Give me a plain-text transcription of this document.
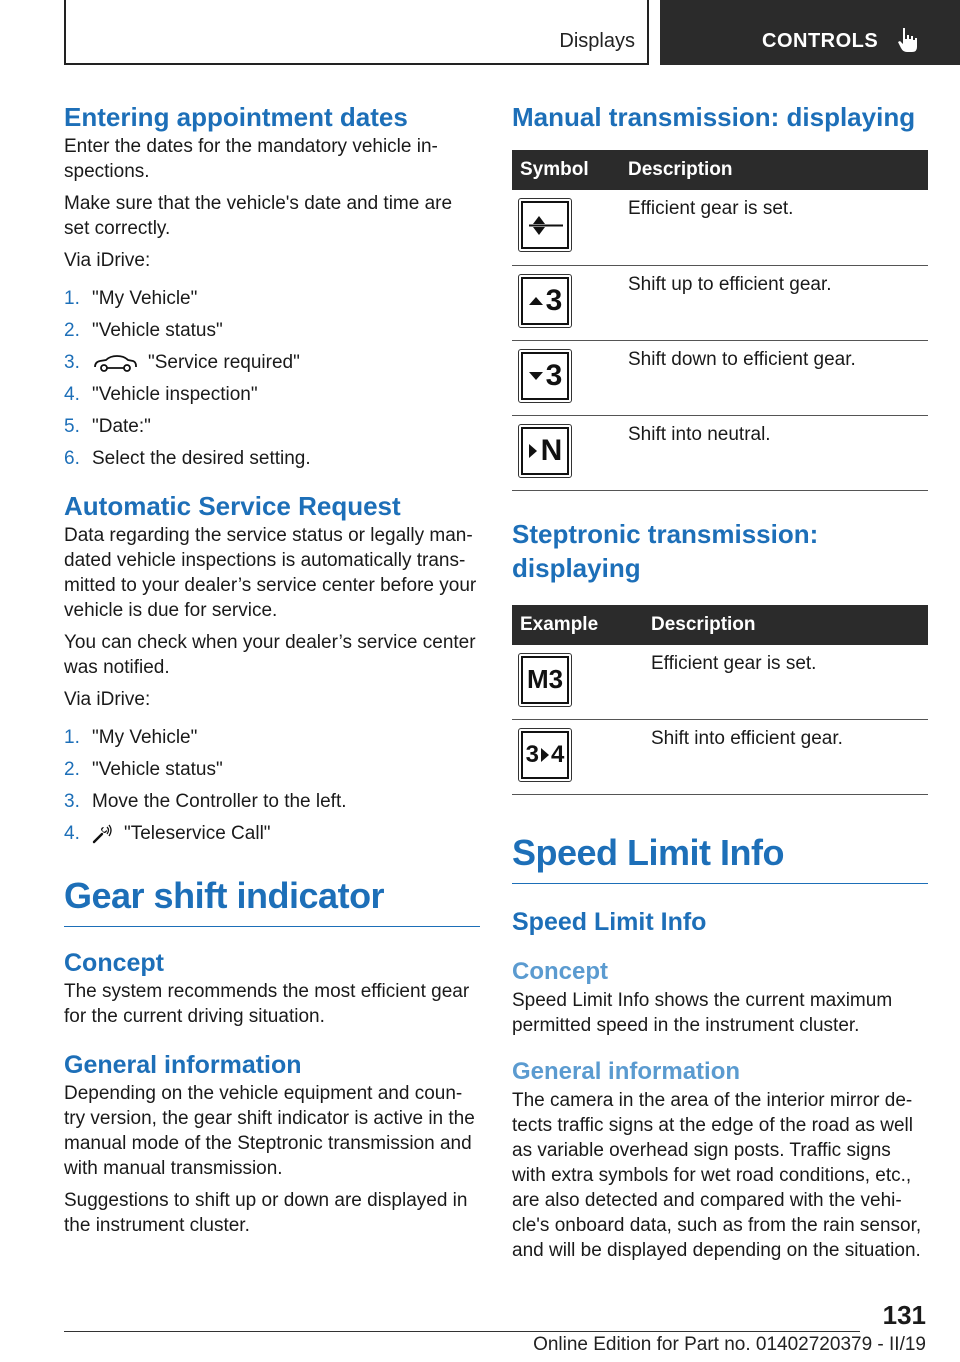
Displays	CONTROLS
Entering appointment dates

Enter the dates for the mandatory vehicle in-spections.

Make sure that the vehicle's date and time are set correctly.

Via iDrive:

1. "My Vehicle"
2. "Vehicle status"
3.	"Service required"
4. "Vehicle inspection"
5. "Date:"
6. Select the desired setting.
Automatic Service Request

Data regarding the service status or legally man-dated vehicle inspections is automatically trans-mitted to your dealer’s service center before your vehicle is due for service.

You can check when your dealer’s service center was notified.

Via iDrive:

1. "My Vehicle"
2. "Vehicle status"
3. Move the Controller to the left.
4.	"Teleservice Call"
Gear shift indicator
Concept

The system recommends the most efficient gear for the current driving situation.

General information

Depending on the vehicle equipment and coun-try version, the gear shift indicator is active in the manual mode of the Steptronic transmission and with manual transmission.

Suggestions to shift up or down are displayed in the instrument cluster.

Manual transmission: displaying
Symbol	Description

	Efficient gear is set.

3	Shift up to efficient gear.

3	Shift down to efficient gear.

N	Shift into neutral.
Steptronic transmission: displaying
Example	Description

M3	Efficient gear is set.

3 4	Shift into efficient gear.
Speed Limit Info
Speed Limit Info
Concept

Speed Limit Info shows the current maximum permitted speed in the instrument cluster.

General information

The camera in the area of the interior mirror de-tects traffic signs at the edge of the road as well as variable overhead sign posts. Traffic signs with extra symbols for wet road conditions, etc., are also detected and compared with the vehi-cle's onboard data, such as from the rain sensor, and will be displayed depending on the situation.

131
Online Edition for Part no. 01402720379 - II/19
